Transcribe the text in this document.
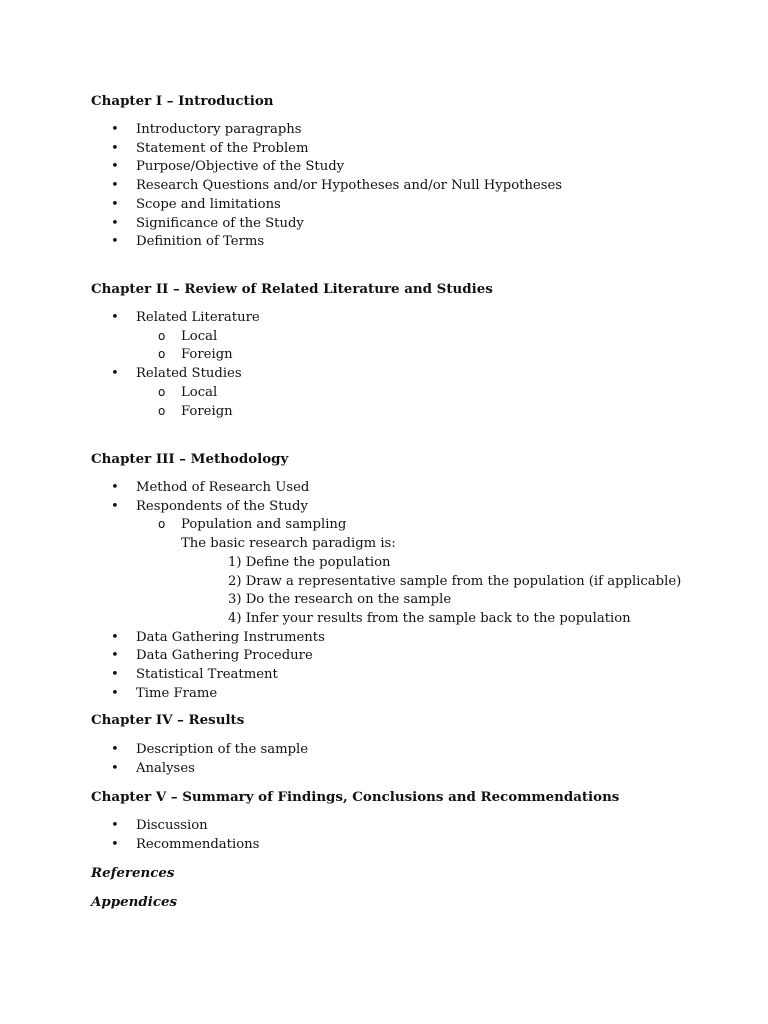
Chapter I – Introduction
• Introductory paragraphs
• Statement of the Problem
• Purpose/Objective of the Study
• Research Questions and/or Hypotheses and/or Null Hypotheses
• Scope and limitations
• Significance of the Study
• Definition of Terms
Chapter II – Review of Related Literature and Studies
• Related Literature
o Local
o Foreign
• Related Studies
o Local
o Foreign
Chapter III – Methodology
• Method of Research Used
• Respondents of the Study
o Population and sampling
The basic research paradigm is:
1) Define the population
2) Draw a representative sample from the population (if applicable)
3) Do the research on the sample
4) Infer your results from the sample back to the population
• Data Gathering Instruments
• Data Gathering Procedure
• Statistical Treatment
• Time Frame
Chapter IV – Results
• Description of the sample
• Analyses
Chapter V – Summary of Findings, Conclusions and Recommendations
• Discussion
• Recommendations
References
Appendices
